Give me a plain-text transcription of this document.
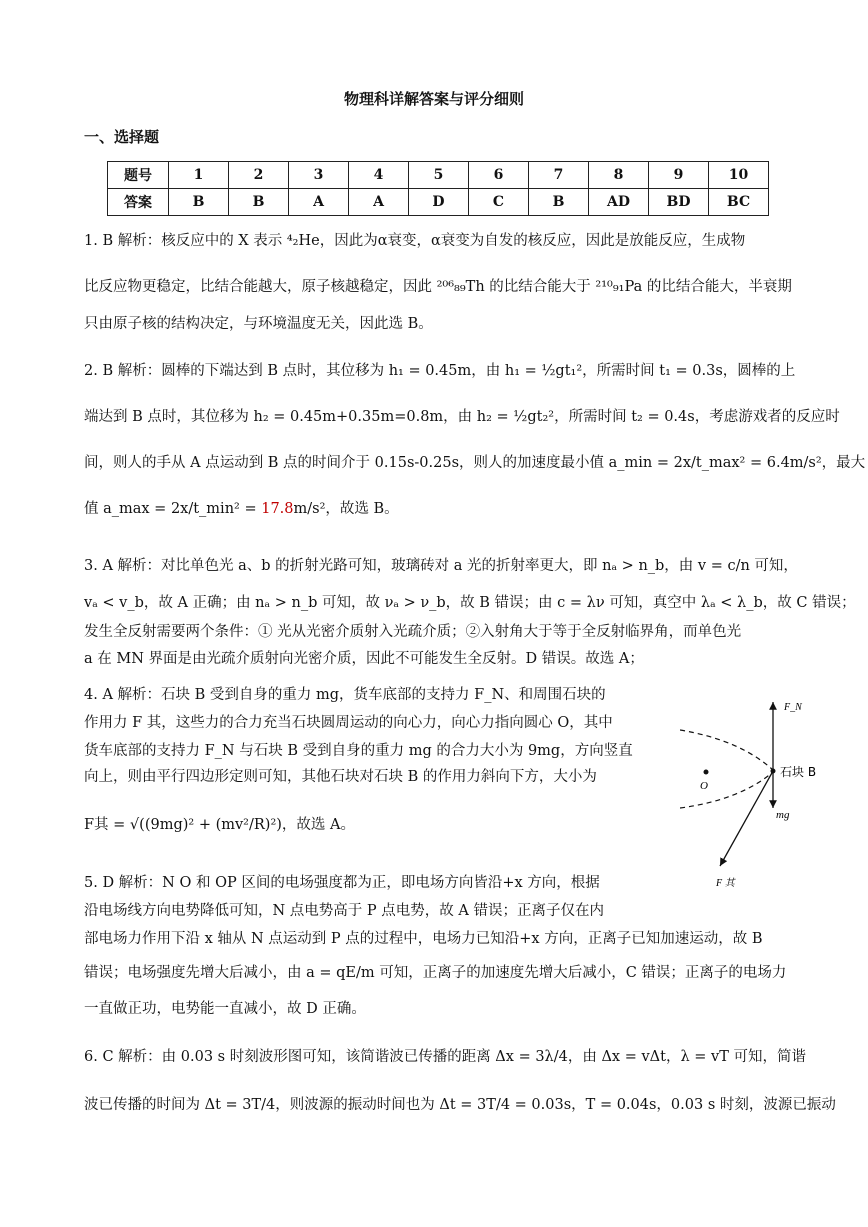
物理科详解答案与评分细则
一、选择题
题号	1	2	3	4	5	6	7	8	9	10
答案	B	B	A	A	D	C	B	AD	BD	BC
1. B 解析：核反应中的 X 表示 ⁴₂He，因此为α衰变，α衰变为自发的核反应，因此是放能反应，生成物
比反应物更稳定，比结合能越大，原子核越稳定，因此 ²⁰⁶₈₉Th 的比结合能大于 ²¹⁰₉₁Pa 的比结合能大，半衰期
只由原子核的结构决定，与环境温度无关，因此选 B。
2. B 解析：圆棒的下端达到 B 点时，其位移为 h₁ = 0.45m，由 h₁ = ½gt₁²，所需时间 t₁ = 0.3s，圆棒的上
端达到 B 点时，其位移为 h₂ = 0.45m+0.35m=0.8m，由 h₂ = ½gt₂²，所需时间 t₂ = 0.4s，考虑游戏者的反应时
间，则人的手从 A 点运动到 B 点的时间介于 0.15s-0.25s，则人的加速度最小值 a_min = 2x/t_max² = 6.4m/s²，最大
值 a_max = 2x/t_min² = 17.8m/s²，故选 B。
3. A 解析：对比单色光 a、b 的折射光路可知，玻璃砖对 a 光的折射率更大，即 nₐ > n_b，由 v = c/n 可知，
vₐ < v_b，故 A 正确；由 nₐ > n_b 可知，故 νₐ > ν_b，故 B 错误；由 c = λν 可知，真空中 λₐ < λ_b，故 C 错误；
发生全反射需要两个条件：① 光从光密介质射入光疏介质；②入射角大于等于全反射临界角，而单色光
a 在 MN 界面是由光疏介质射向光密介质，因此不可能发生全反射。D 错误。故选 A；
4. A 解析：石块 B 受到自身的重力 mg，货车底部的支持力 F_N、和周围石块的
作用力 F 其，这些力的合力充当石块圆周运动的向心力，向心力指向圆心 O，其中
货车底部的支持力 F_N 与石块 B 受到自身的重力 mg 的合力大小为 9mg，方向竖直
向上，则由平行四边形定则可知，其他石块对石块 B 的作用力斜向下方，大小为
F其 = √((9mg)² + (mv²/R)²)，故选 A。
5. D 解析：N O 和 OP 区间的电场强度都为正，即电场方向皆沿+x 方向，根据
沿电场线方向电势降低可知，N 点电势高于 P 点电势，故 A 错误；正离子仅在内
部电场力作用下沿 x 轴从 N 点运动到 P 点的过程中，电场力已知沿+x 方向，正离子已知加速运动，故 B
错误；电场强度先增大后减小，由 a = qE/m 可知，正离子的加速度先增大后减小，C 错误；正离子的电场力
一直做正功，电势能一直减小，故 D 正确。
6. C 解析：由 0.03 s 时刻波形图可知，该简谐波已传播的距离 Δx = 3λ/4，由 Δx = vΔt，λ = vT 可知，简谐
波已传播的时间为 Δt = 3T/4，则波源的振动时间也为 Δt = 3T/4 = 0.03s，T = 0.04s，0.03 s 时刻，波源已振动
F_N
O
石块 B
mg
F 其
